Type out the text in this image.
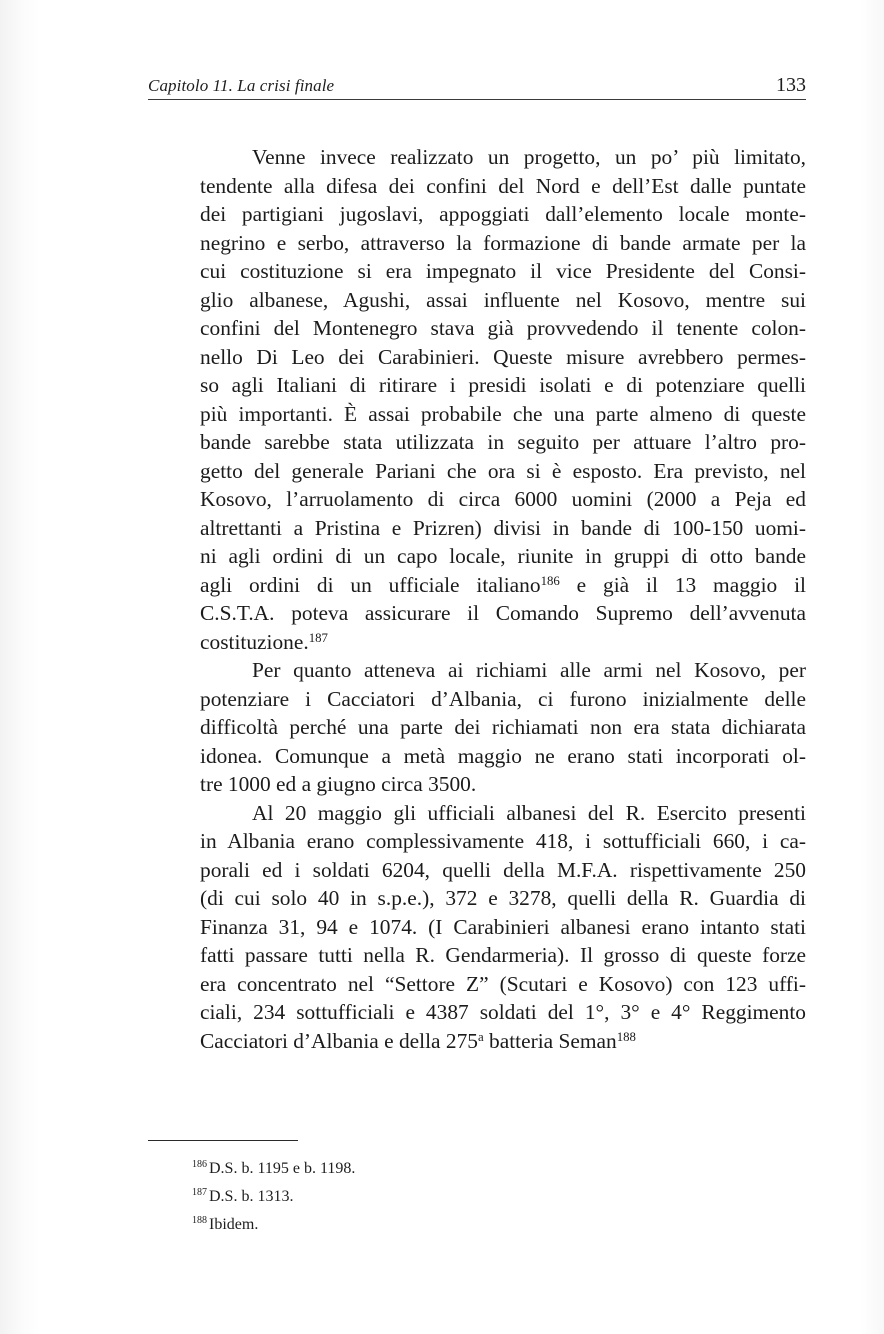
Capitolo 11. La crisi finale	133

Venne invece realizzato un progetto, un po’ più limitato,
tendente alla difesa dei confini del Nord e dell’Est dalle puntate
dei partigiani jugoslavi, appoggiati dall’elemento locale monte-
negrino e serbo, attraverso la formazione di bande armate per la
cui costituzione si era impegnato il vice Presidente del Consi-
glio albanese, Agushi, assai influente nel Kosovo, mentre sui
confini del Montenegro stava già provvedendo il tenente colon-
nello Di Leo dei Carabinieri. Queste misure avrebbero permes-
so agli Italiani di ritirare i presidi isolati e di potenziare quelli
più importanti. È assai probabile che una parte almeno di queste
bande sarebbe stata utilizzata in seguito per attuare l’altro pro-
getto del generale Pariani che ora si è esposto. Era previsto, nel
Kosovo, l’arruolamento di circa 6000 uomini (2000 a Peja ed
altrettanti a Pristina e Prizren) divisi in bande di 100-150 uomi-
ni agli ordini di un capo locale, riunite in gruppi di otto bande
agli ordini di un ufficiale italiano$^{186}$ e già il 13 maggio il
C.S.T.A. poteva assicurare il Comando Supremo dell’avvenuta
costituzione.$^{187}$

Per quanto atteneva ai richiami alle armi nel Kosovo, per
potenziare i Cacciatori d’Albania, ci furono inizialmente delle
difficoltà perché una parte dei richiamati non era stata dichiarata
idonea. Comunque a metà maggio ne erano stati incorporati ol-
tre 1000 ed a giugno circa 3500.

Al 20 maggio gli ufficiali albanesi del R. Esercito presenti
in Albania erano complessivamente 418, i sottufficiali 660, i ca-
porali ed i soldati 6204, quelli della M.F.A. rispettivamente 250
(di cui solo 40 in s.p.e.), 372 e 3278, quelli della R. Guardia di
Finanza 31, 94 e 1074. (I Carabinieri albanesi erano intanto stati
fatti passare tutti nella R. Gendarmeria). Il grosso di queste forze
era concentrato nel “Settore Z” (Scutari e Kosovo) con 123 uffi-
ciali, 234 sottufficiali e 4387 soldati del 1°, 3° e 4° Reggimento
Cacciatori d’Albania e della 275$^a$ batteria Seman$^{188}$

$^{186}$ D.S. b. 1195 e b. 1198.
$^{187}$ D.S. b. 1313.
$^{188}$ Ibidem.
